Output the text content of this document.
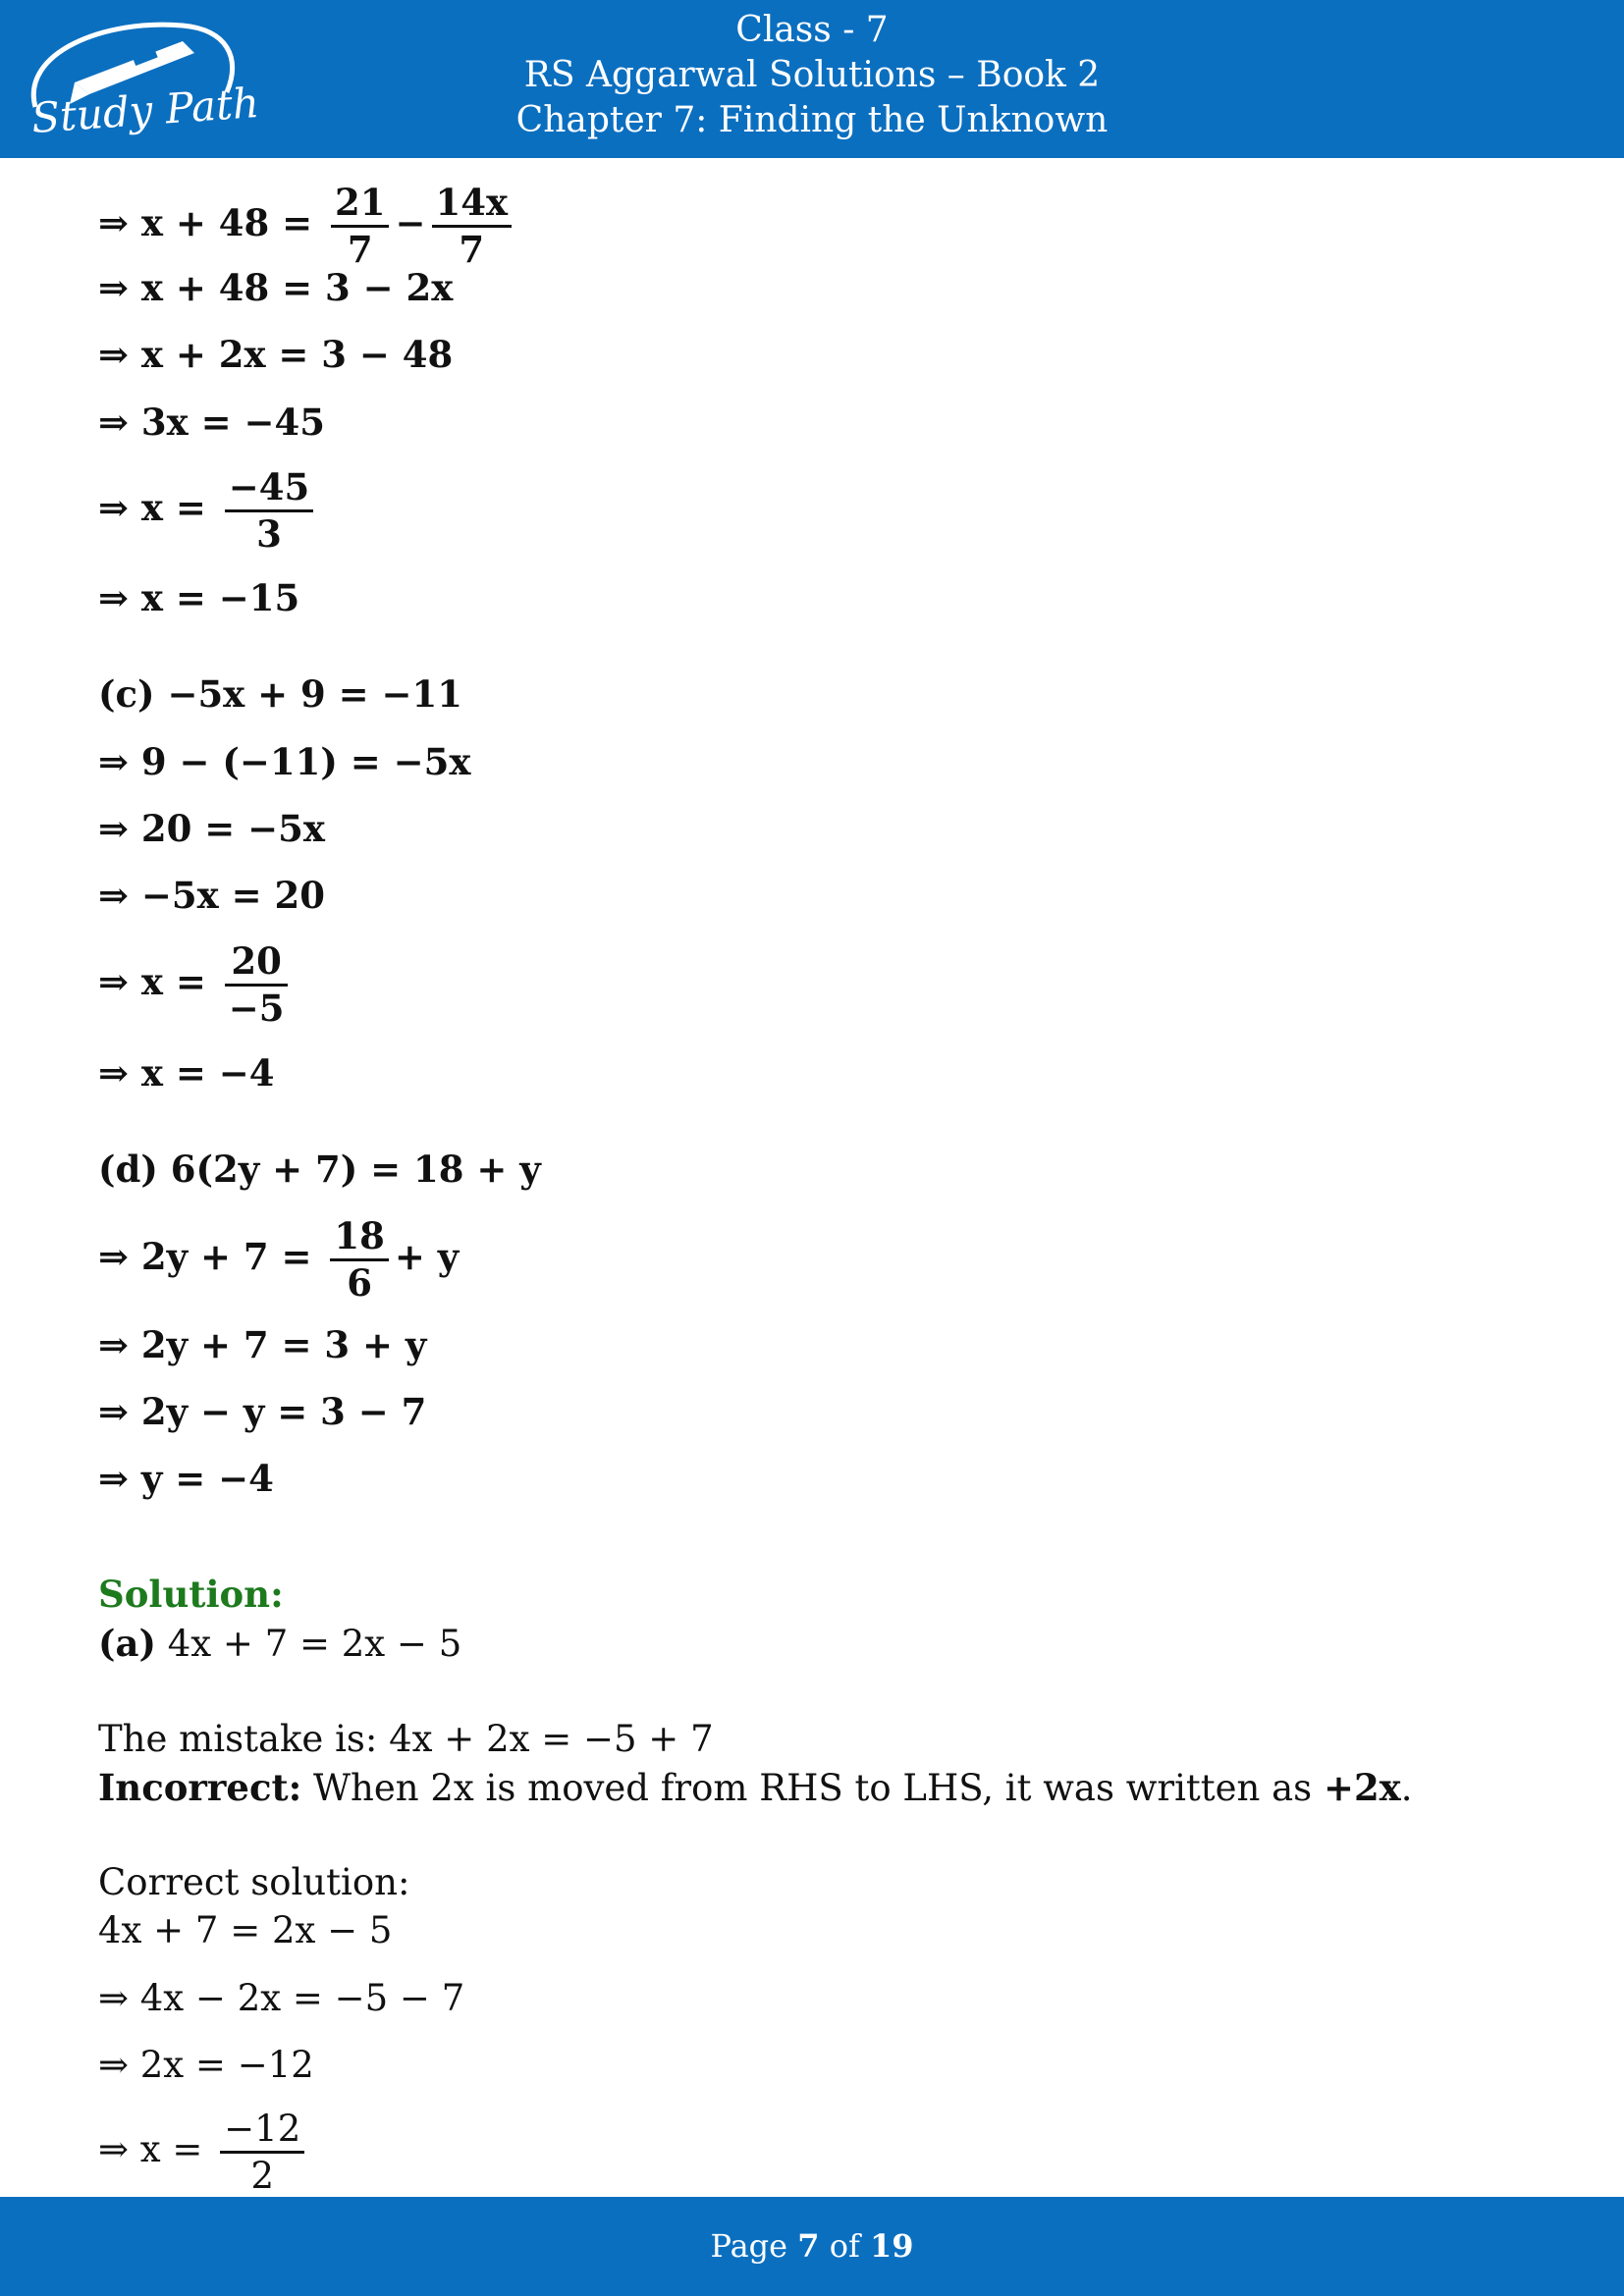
Study Path
Class - 7
RS Aggarwal Solutions – Book 2
Chapter 7: Finding the Unknown
⇒ $x + 48 = \frac{21}{7} - \frac{14x}{7}$
⇒ x + 48 = 3 − 2x
⇒ x + 2x = 3 − 48
⇒ 3x = −45
⇒ $x = \frac{-45}{3}$
⇒ x = −15
(c) −5x + 9 = −11
⇒ 9 − (−11) = −5x
⇒ 20 = −5x
⇒ −5x = 20
⇒ $x = \frac{20}{-5}$
⇒ x = −4
(d) 6(2y + 7) = 18 + y
⇒ $2y + 7 = \frac{18}{6} + y$
⇒ 2y + 7 = 3 + y
⇒ 2y − y = 3 − 7
⇒ y = −4
Solution:
(a) 4x + 7 = 2x − 5
The mistake is: 4x + 2x = −5 + 7
Incorrect: When 2x is moved from RHS to LHS, it was written as +2x.
Correct solution:
4x + 7 = 2x − 5
⇒ 4x − 2x = −5 − 7
⇒ 2x = −12
⇒ $x = \frac{-12}{2}$
Page 7 of 19
